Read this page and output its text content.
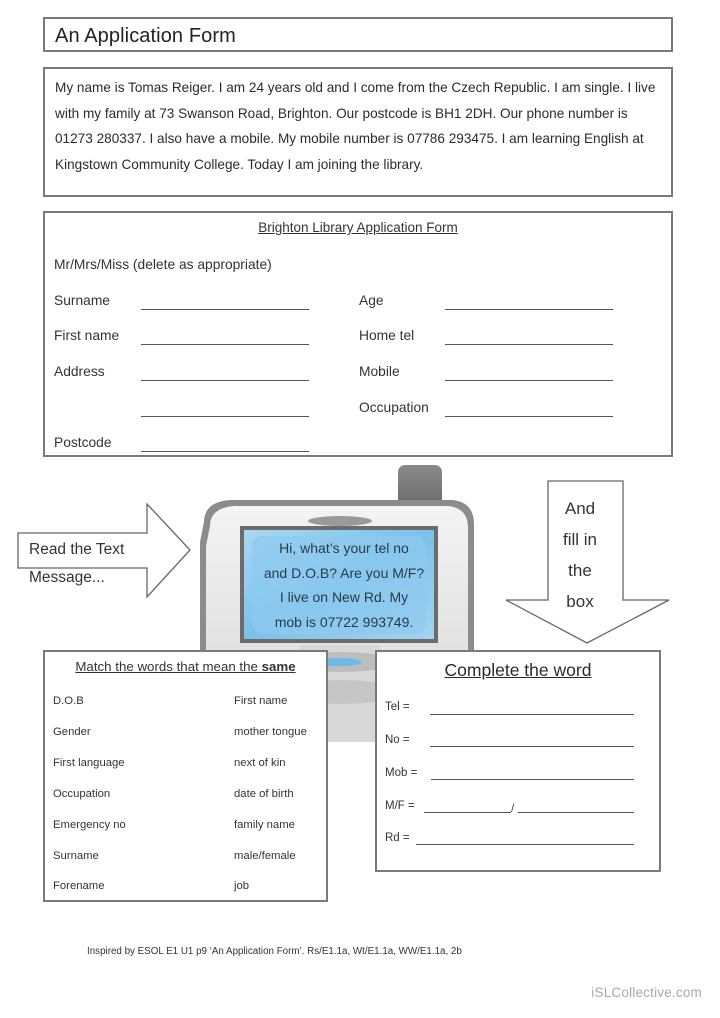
An Application Form

My name is Tomas Reiger. I am 24 years old and I come from the Czech Republic. I am single. I live with my family at 73 Swanson Road, Brighton. Our postcode is BH1 2DH. Our phone number is 01273 280337. I also have a mobile. My mobile number is 07786 293475. I am learning English at Kingstown Community College. Today I am joining the library.

Brighton Library Application Form
Mr/Mrs/Miss (delete as appropriate)
Surname
First name
Address
Postcode
Age
Home tel
Mobile
Occupation
Hi, what’s your tel no
and D.O.B? Are you M/F?
I live on New Rd. My
mob is 07722 993749.
Read the Text
Message...
And
fill in
the
box
Match the words that mean the same
D.O.B
Gender
First language
Occupation
Emergency no
Surname
Forename
First name
mother tongue
next of kin
date of birth
family name
male/female
job
Complete the word
Tel =
No =
Mob =
M/F =	/
Rd =
Inspired by ESOL E1 U1 p9 ‘An Application Form’. Rs/E1.1a, Wt/E1.1a, WW/E1.1a, 2b
iSLCollective.com
